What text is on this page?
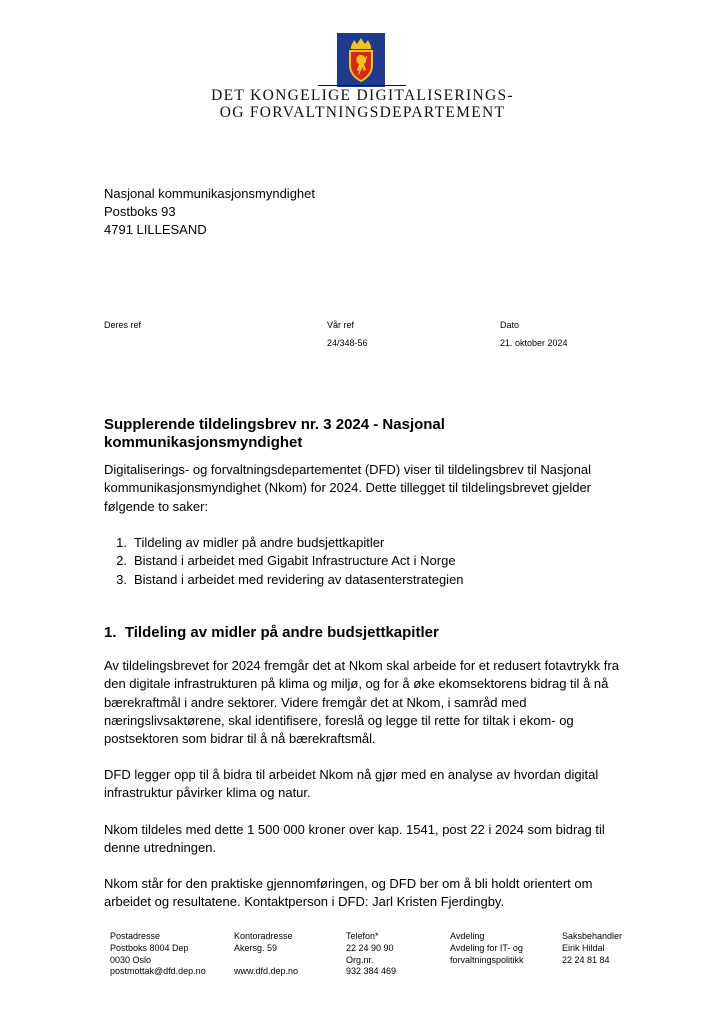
DET KONGELIGE DIGITALISERINGS-
OG FORVALTNINGSDEPARTEMENT
Nasjonal kommunikasjonsmyndighet
Postboks 93
4791 LILLESAND
Deres ref	Vår ref
24/348-56
Dato
21. oktober 2024
Supplerende tildelingsbrev nr. 3 2024 - Nasjonal
kommunikasjonsmyndighet
Digitaliserings- og forvaltningsdepartementet (DFD) viser til tildelingsbrev til Nasjonal
kommunikasjonsmyndighet (Nkom) for 2024. Dette tillegget til tildelingsbrevet gjelder
følgende to saker:
1. Tildeling av midler på andre budsjettkapitler
2. Bistand i arbeidet med Gigabit Infrastructure Act i Norge
3. Bistand i arbeidet med revidering av datasenterstrategien
1.  Tildeling av midler på andre budsjettkapitler
Av tildelingsbrevet for 2024 fremgår det at Nkom skal arbeide for et redusert fotavtrykk fra
den digitale infrastrukturen på klima og miljø, og for å øke ekomsektorens bidrag til å nå
bærekraftmål i andre sektorer. Videre fremgår det at Nkom, i samråd med
næringslivsaktørene, skal identifisere, foreslå og legge til rette for tiltak i ekom- og
postsektoren som bidrar til å nå bærekraftsmål.
DFD legger opp til å bidra til arbeidet Nkom nå gjør med en analyse av hvordan digital
infrastruktur påvirker klima og natur.
Nkom tildeles med dette 1 500 000 kroner over kap. 1541, post 22 i 2024 som bidrag til
denne utredningen.
Nkom står for den praktiske gjennomføringen, og DFD ber om å bli holdt orientert om
arbeidet og resultatene. Kontaktperson i DFD: Jarl Kristen Fjerdingby.
Postadresse
Postboks 8004 Dep
0030 Oslo
postmottak@dfd.dep.no
Kontoradresse
Akersg. 59

www.dfd.dep.no
Telefon*
22 24 90 90
Org.nr.
932 384 469
Avdeling
Avdeling for IT- og
forvaltningspolitikk
Saksbehandler
Eirik Hildal
22 24 81 84
